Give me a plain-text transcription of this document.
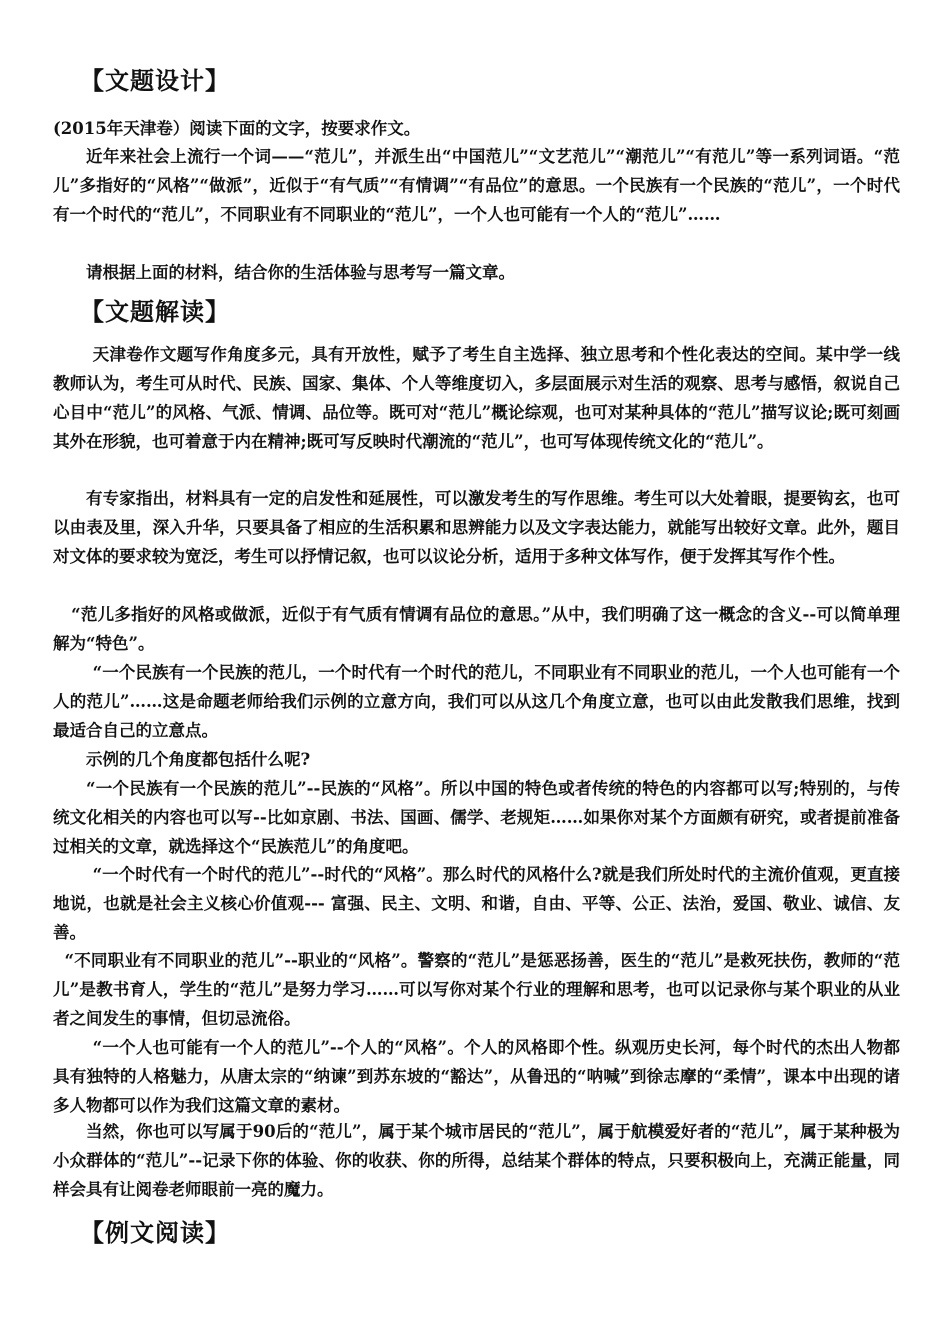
【文题设计】
(2015年天津卷）阅读下面的文字，按要求作文。
近年来社会上流行一个词——“范儿”，并派生出“中国范儿”“文艺范儿”“潮范儿”“有范儿”等一系列词语。“范儿”多指好的“风格”“做派”，近似于“有气质”“有情调”“有品位”的意思。一个民族有一个民族的“范儿”，一个时代有一个时代的“范儿”，不同职业有不同职业的“范儿”，一个人也可能有一个人的“范儿”……
请根据上面的材料，结合你的生活体验与思考写一篇文章。
【文题解读】
天津卷作文题写作角度多元，具有开放性，赋予了考生自主选择、独立思考和个性化表达的空间。某中学一线教师认为，考生可从时代、民族、国家、集体、个人等维度切入，多层面展示对生活的观察、思考与感悟，叙说自己心目中“范儿”的风格、气派、情调、品位等。既可对“范儿”概论综观，也可对某种具体的“范儿”描写议论;既可刻画其外在形貌，也可着意于内在精神;既可写反映时代潮流的“范儿”，也可写体现传统文化的“范儿”。
有专家指出，材料具有一定的启发性和延展性，可以激发考生的写作思维。考生可以大处着眼，提要钩玄，也可以由表及里，深入升华，只要具备了相应的生活积累和思辨能力以及文字表达能力，就能写出较好文章。此外，题目对文体的要求较为宽泛，考生可以抒情记叙，也可以议论分析，适用于多种文体写作，便于发挥其写作个性。
“范儿多指好的风格或做派，近似于有气质有情调有品位的意思。”从中，我们明确了这一概念的含义--可以简单理解为“特色”。
“一个民族有一个民族的范儿，一个时代有一个时代的范儿，不同职业有不同职业的范儿，一个人也可能有一个人的范儿”……这是命题老师给我们示例的立意方向，我们可以从这几个角度立意，也可以由此发散我们思维，找到最适合自己的立意点。
示例的几个角度都包括什么呢?
“一个民族有一个民族的范儿”--民族的“风格”。所以中国的特色或者传统的特色的内容都可以写;特别的，与传统文化相关的内容也可以写--比如京剧、书法、国画、儒学、老规矩……如果你对某个方面颇有研究，或者提前准备过相关的文章，就选择这个“民族范儿”的角度吧。
“一个时代有一个时代的范儿”--时代的“风格”。那么时代的风格什么?就是我们所处时代的主流价值观，更直接地说，也就是社会主义核心价值观--- 富强、民主、文明、和谐，自由、平等、公正、法治，爱国、敬业、诚信、友善。
“不同职业有不同职业的范儿”--职业的“风格”。警察的“范儿”是惩恶扬善，医生的“范儿”是救死扶伤，教师的“范儿”是教书育人，学生的“范儿”是努力学习……可以写你对某个行业的理解和思考，也可以记录你与某个职业的从业者之间发生的事情，但切忌流俗。
“一个人也可能有一个人的范儿”--个人的“风格”。个人的风格即个性。纵观历史长河，每个时代的杰出人物都具有独特的人格魅力，从唐太宗的“纳谏”到苏东坡的“豁达”，从鲁迅的“呐喊”到徐志摩的“柔情”，课本中出现的诸多人物都可以作为我们这篇文章的素材。
当然，你也可以写属于90后的“范儿”，属于某个城市居民的“范儿”，属于航模爱好者的“范儿”，属于某种极为小众群体的“范儿”--记录下你的体验、你的收获、你的所得，总结某个群体的特点，只要积极向上，充满正能量，同样会具有让阅卷老师眼前一亮的魔力。
【例文阅读】
